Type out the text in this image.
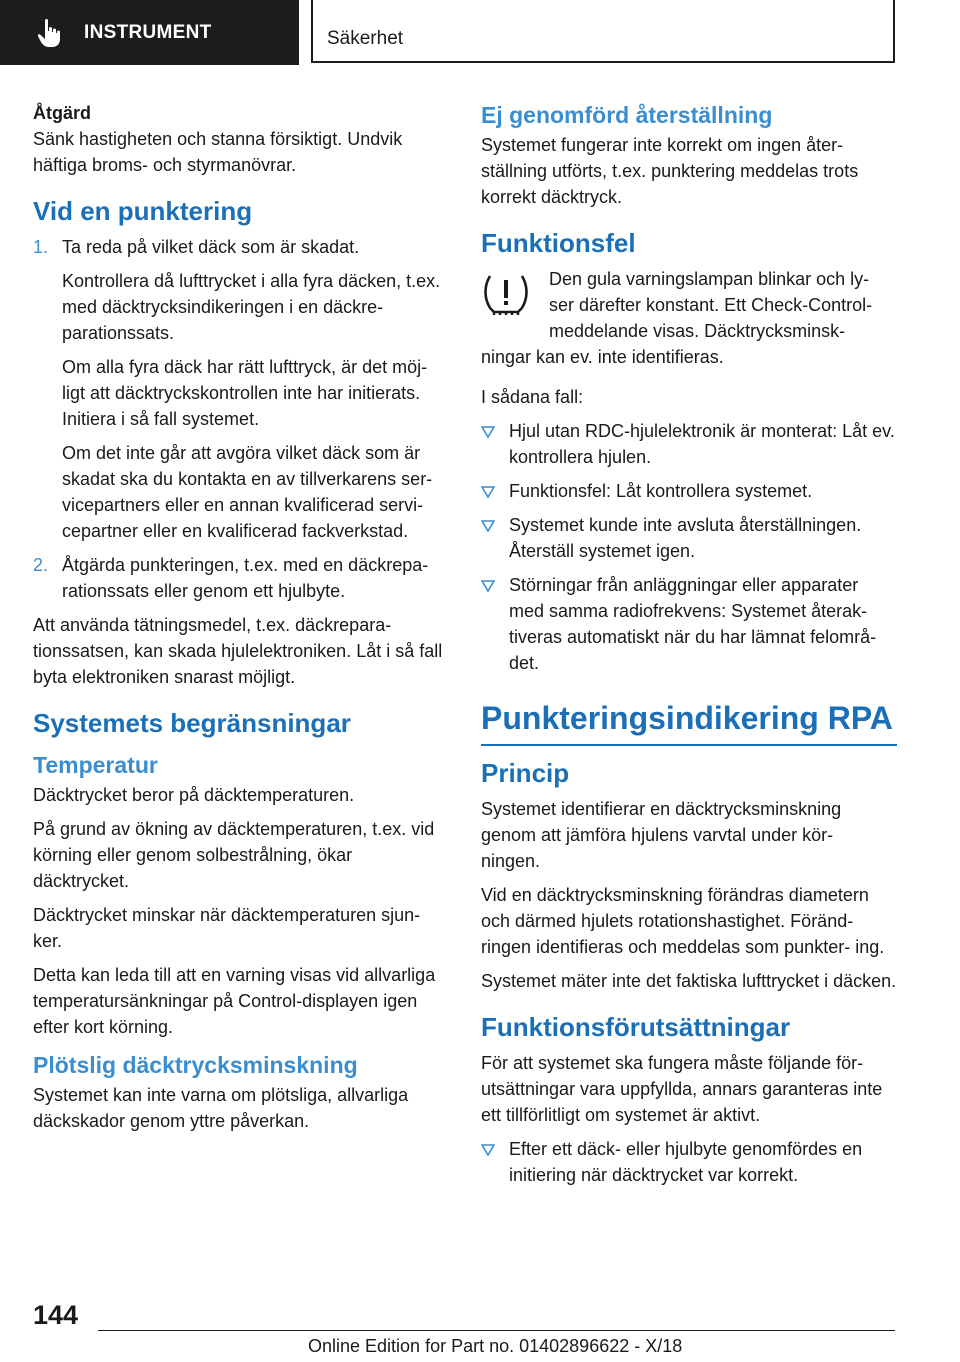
INSTRUMENT	Säkerhet
Åtgärd

Sänk hastigheten och stanna försiktigt. Undvik häftiga broms- och styrmanövrar.

Vid en punktering
1. Ta reda på vilket däck som är skadat.

Kontrollera då lufttrycket i alla fyra däcken, t.ex. med däcktrycksindikeringen i en däckre‐ parationssats.

Om alla fyra däck har rätt lufttryck, är det möj‐ ligt att däcktryckskontrollen inte har initierats. Initiera i så fall systemet.

Om det inte går att avgöra vilket däck som är skadat ska du kontakta en av tillverkarens ser‐ vicepartners eller en annan kvalificerad servi‐ cepartner eller en kvalificerad fackverkstad.

2. Åtgärda punkteringen, t.ex. med en däckrepa‐ rationssats eller genom ett hjulbyte.

Att använda tätningsmedel, t.ex. däckrepara‐ tionssatsen, kan skada hjulelektroniken. Låt i så fall byta elektroniken snarast möjligt.

Systemets begränsningar
Temperatur

Däcktrycket beror på däcktemperaturen.

På grund av ökning av däcktemperaturen, t.ex. vid körning eller genom solbestrålning, ökar däcktrycket.

Däcktrycket minskar när däcktemperaturen sjun‐ ker.

Detta kan leda till att en varning visas vid allvarliga temperatursänkningar på Control-displayen igen efter kort körning.

Plötslig däcktrycksminskning

Systemet kan inte varna om plötsliga, allvarliga däckskador genom yttre påverkan.

Ej genomförd återställning

Systemet fungerar inte korrekt om ingen åter‐ ställning utförts, t.ex. punktering meddelas trots korrekt däcktryck.

Funktionsfel

Den gula varningslampan blinkar och ly‐ ser därefter konstant. Ett Check-Control- meddelande visas. Däcktrycksminsk‐ ningar kan ev. inte identifieras.

I sådana fall:

Hjul utan RDC-hjulelektronik är monterat: Låt ev. kontrollera hjulen.
Funktionsfel: Låt kontrollera systemet.
Systemet kunde inte avsluta återställningen. Återställ systemet igen.
Störningar från anläggningar eller apparater med samma radiofrekvens: Systemet återak‐ tiveras automatiskt när du har lämnat felområ‐ det.
Punkteringsindikering RPA
Princip

Systemet identifierar en däcktrycksminskning genom att jämföra hjulens varvtal under kör‐ ningen.

Vid en däcktrycksminskning förändras diametern och därmed hjulets rotationshastighet. Föränd‐ ringen identifieras och meddelas som punkter‐ ing.

Systemet mäter inte det faktiska lufttrycket i däcken.

Funktionsförutsättningar

För att systemet ska fungera måste följande för‐ utsättningar vara uppfyllda, annars garanteras inte ett tillförlitligt om systemet är aktivt.

Efter ett däck- eller hjulbyte genomfördes en initiering när däcktrycket var korrekt.
144
Online Edition for Part no. 01402896622 - X/18
